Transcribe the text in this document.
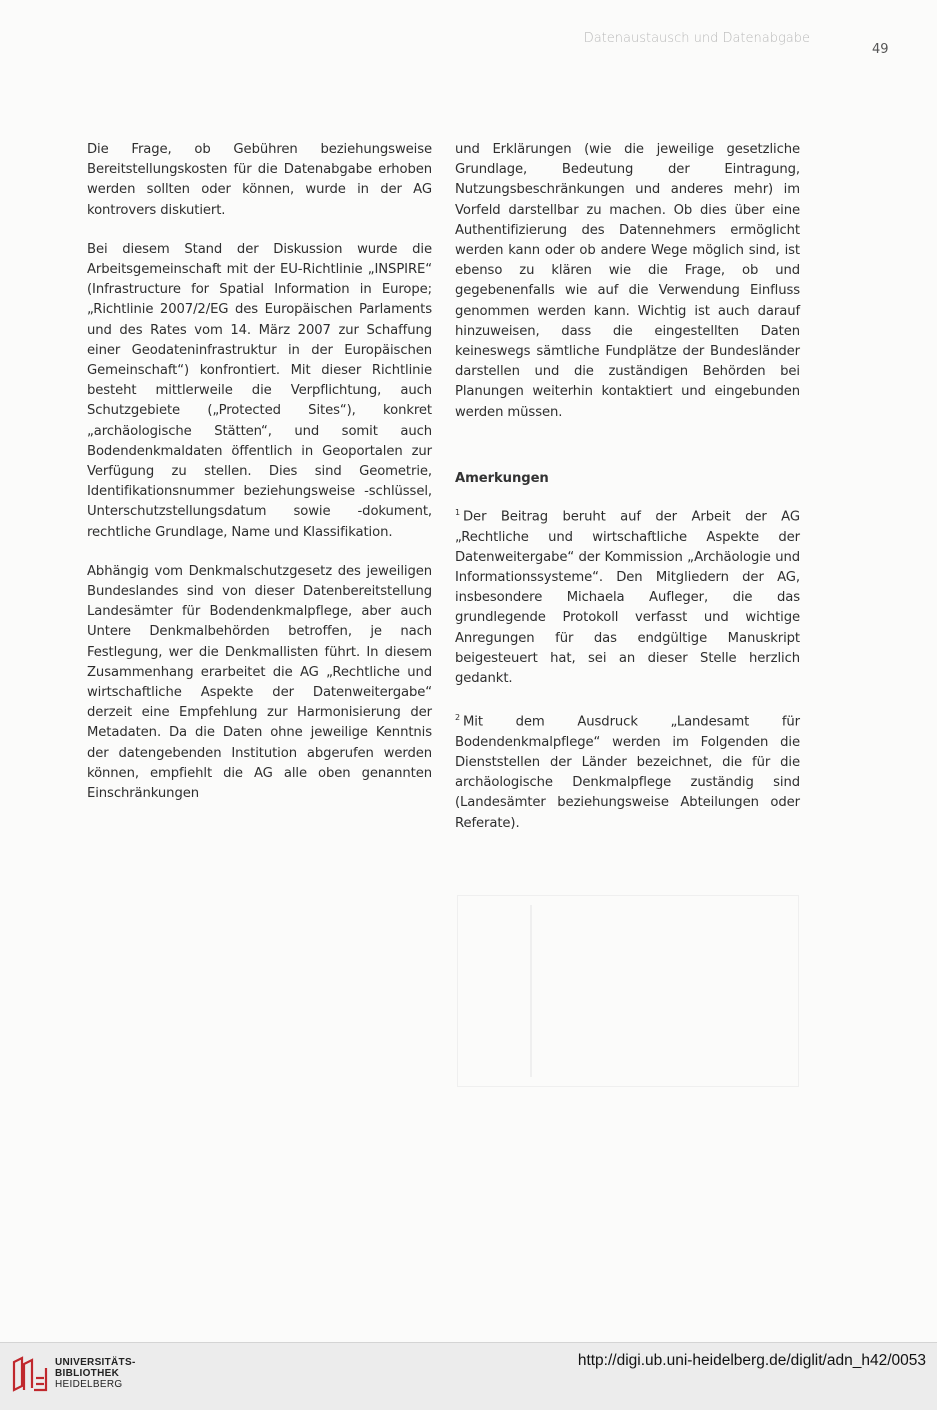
Datenaustausch und Datenabgabe
49

Die Frage, ob Gebühren beziehungsweise Bereitstellungskosten für die Datenabgabe erhoben werden sollten oder können, wurde in der AG kontrovers diskutiert.

Bei diesem Stand der Diskussion wurde die Arbeitsgemeinschaft mit der EU-Richtlinie „INSPIRE“ (Infrastructure for Spatial Information in Europe; „Richtlinie 2007/2/EG des Europäischen Parlaments und des Rates vom 14. März 2007 zur Schaffung einer Geodateninfrastruktur in der Europäischen Gemeinschaft“) konfrontiert. Mit dieser Richtlinie besteht mittlerweile die Verpflichtung, auch Schutzgebiete („Protected Sites“), konkret „archäologische Stätten“, und somit auch Bodendenkmaldaten öffentlich in Geoportalen zur Verfügung zu stellen. Dies sind Geometrie, Identifikationsnummer beziehungsweise -schlüssel, Unterschutzstellungsdatum sowie -dokument, rechtliche Grundlage, Name und Klassifikation.

Abhängig vom Denkmalschutzgesetz des jeweiligen Bundeslandes sind von dieser Datenbereitstellung Landesämter für Bodendenkmalpflege, aber auch Untere Denkmalbehörden betroffen, je nach Festlegung, wer die Denkmallisten führt. In diesem Zusammenhang erarbeitet die AG „Rechtliche und wirtschaftliche Aspekte der Datenweitergabe“ derzeit eine Empfehlung zur Harmonisierung der Metadaten. Da die Daten ohne jeweilige Kenntnis der datengebenden Institution abgerufen werden können, empfiehlt die AG alle oben genannten Einschränkungen

und Erklärungen (wie die jeweilige gesetzliche Grundlage, Bedeutung der Eintragung, Nutzungsbeschränkungen und anderes mehr) im Vorfeld darstellbar zu machen. Ob dies über eine Authentifizierung des Datennehmers ermöglicht werden kann oder ob andere Wege möglich sind, ist ebenso zu klären wie die Frage, ob und gegebenenfalls wie auf die Verwendung Einfluss genommen werden kann. Wichtig ist auch darauf hinzuweisen, dass die eingestellten Daten keineswegs sämtliche Fundplätze der Bundesländer darstellen und die zuständigen Behörden bei Planungen weiterhin kontaktiert und eingebunden werden müssen.

Amerkungen

$^1$ Der Beitrag beruht auf der Arbeit der AG „Rechtliche und wirtschaftliche Aspekte der Datenweitergabe“ der Kommission „Archäologie und Informationssysteme“. Den Mitgliedern der AG, insbesondere Michaela Aufleger, die das grundlegende Protokoll verfasst und wichtige Anregungen für das endgültige Manuskript beigesteuert hat, sei an dieser Stelle herzlich gedankt.

$^2$ Mit dem Ausdruck „Landesamt für Bodendenkmalpflege“ werden im Folgenden die Dienststellen der Länder bezeichnet, die für die archäologische Denkmalpflege zuständig sind (Landesämter beziehungsweise Abteilungen oder Referate).

UNIVERSITÄTS-
BIBLIOTHEK
HEIDELBERG
http://digi.ub.uni-heidelberg.de/diglit/adn_h42/0053
